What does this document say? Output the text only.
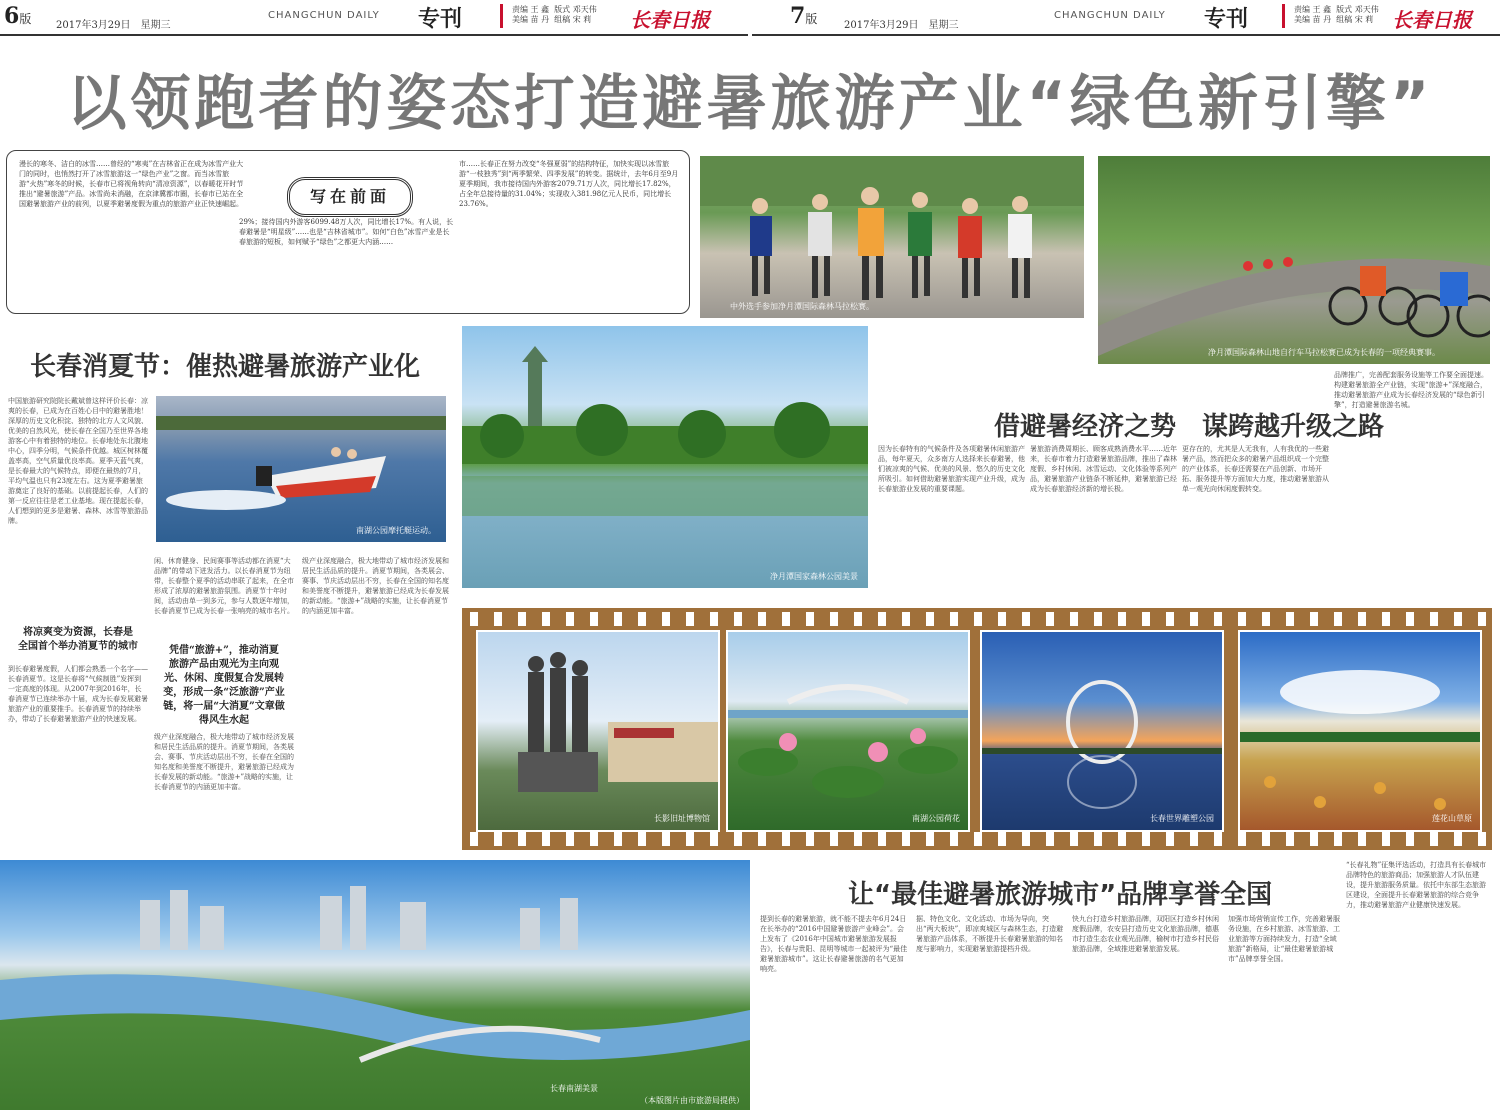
6版 2017年3月29日　星期三
CHANGCHUN DAILY 专刊	责编 王 鑫  版式 邓天伟
美编 苗 丹  组稿 宋 莉 长春日报	7版	2017年3月29日　星期三
CHANGCHUN DAILY 专刊	责编 王 鑫  版式 邓天伟
美编 苗 丹  组稿 宋 莉 长春日报
以领跑者的姿态打造避暑旅游产业“绿色新引擎”
漫长的寒冬、洁白的冰雪……曾经的“寒夷”在吉林省正在成为冰雪产业大门的同时，也悄然打开了冰雪旅游这一“绿色产业”之窗。而当冰雪旅游“火热”寒冬的时候，长春市已将视角转向“清凉资源”，以春暖花开时节推出“避暑旅游”产品。冰雪尚未消融，在京津冀都市圈，长春市已站在全国避暑旅游产业的前列，以夏季避暑度假为重点的旅游产业正快速崛起。	写在前面
29%；接待国内外游客6099.48万人次，同比增长17%。有人说，长春避暑是“明星级”……也是“吉林省城市”。如何“白色”冰雪产业是长春旅游的短板，如何赋予“绿色”之都更大内涵……
市……长春正在努力改变“冬强夏弱”的结构特征，加快实现以冰雪旅游“一枝独秀”到“两季繁荣、四季发展”的转变。据统计，去年6月至9月夏季期间，我市接待国内外游客2079.71万人次，同比增长17.82%，占全年总接待量的31.04%；实现收入381.98亿元人民币，同比增长23.76%。
中外选手参加净月潭国际森林马拉松赛。
净月潭国际森林山地自行车马拉松赛已成为长春的一项经典赛事。
长春消夏节：催热避暑旅游产业化
净月潭国家森林公园美景
南湖公园摩托艇运动。
中国旅游研究院院长戴斌曾这样评价长春：凉爽的长春，已成为在百姓心目中的避暑胜地！深厚的历史文化积淀、独特的北方人文风貌、优美的自然风光，使长春在全国乃至世界各地游客心中有着独特的地位。长春地处东北腹地中心，四季分明，气候条件优越。城区树林覆盖率高，空气质量优良率高。夏季天蓝气爽，是长春最大的气候特点，即便在最热的7月，平均气温也只有23度左右。这为夏季避暑旅游奠定了良好的基础。以前提起长春，人们的第一反应往往是老工业基地。现在提起长春，人们想到的更多是避暑、森林、冰雪等旅游品牌。
将凉爽变为资源，长春是
全国首个举办消夏节的城市
到长春避暑度假，人们都会熟悉一个名字——长春消夏节。这是长春将“气候制胜”发挥到一定高度的体现。从2007年到2016年，长春消夏节已连续举办十届，成为长春发展避暑旅游产业的重要推手。长春消夏节的持续举办，带动了长春避暑旅游产业的快速发展。
闲、休育健身、民间赛事等活动都在消夏“大品牌”的带动下迸发活力。以长春消夏节为纽带，长春整个夏季的活动串联了起来，在全市形成了浓厚的避暑旅游氛围。消夏节十年时间，活动由单一到多元，参与人数逐年增加，长春消夏节已成为长春一张响亮的城市名片。
凭借“旅游+”，推动消夏
旅游产品由观光为主向观
光、休闲、度假复合发展转
变，形成一条“泛旅游”产业
链，将一届“大消夏”文章做
得风生水起
级产业深度融合，极大地带动了城市经济发展和居民生活品质的提升。消夏节期间，各类展会、赛事、节庆活动层出不穷，长春在全国的知名度和美誉度不断提升，避暑旅游已经成为长春发展的新动能。“旅游+”战略的实施，让长春消夏节的内涵更加丰富。
级产业深度融合，极大地带动了城市经济发展和居民生活品质的提升。消夏节期间，各类展会、赛事、节庆活动层出不穷，长春在全国的知名度和美誉度不断提升，避暑旅游已经成为长春发展的新动能。“旅游+”战略的实施，让长春消夏节的内涵更加丰富。
借避暑经济之势　谋跨越升级之路
因为长春特有的气候条件及各项避暑休闲旅游产品，每年夏天，众多南方人选择来长春避暑，他们被凉爽的气候、优美的风景、悠久的历史文化所吸引。如何借助避暑旅游实现产业升级，成为长春旅游业发展的重要课题。
暑旅游消费周期长、顾客成熟消费水平……近年来，长春市着力打造避暑旅游品牌，推出了森林度假、乡村休闲、冰雪运动、文化体验等系列产品，避暑旅游产业链条不断延伸，避暑旅游已经成为长春旅游经济新的增长极。
更存在的，尤其是人无我有，人有我优的一些避暑产品，然而把众多的避暑产品组织成一个完整的产业体系，长春还需要在产品创新、市场开拓、服务提升等方面加大力度，推动避暑旅游从单一观光向休闲度假转变。
品牌推广，完善配套服务设施等工作要全面提速。构建避暑旅游全产业链，实现“旅游+”深度融合，推动避暑旅游产业成为长春经济发展的“绿色新引擎”，打造避暑旅游名城。
长影旧址博物馆	南湖公园荷花	长春世界雕塑公园	莲花山草原
长春南湖美景
（本版图片由市旅游局提供）
让“最佳避暑旅游城市”品牌享誉全国
提到长春的避暑旅游，就不能不提去年6月24日在长举办的“2016中国避暑旅游产业峰会”。会上发布了《2016年中国城市避暑旅游发展报告》，长春与贵阳、昆明等城市一起被评为“最佳避暑旅游城市”。这让长春避暑旅游的名气更加响亮。
据、特色文化、文化活动、市场为导向，突出“两大板块”，即凉爽城区与森林生态，打造避暑旅游产品体系，不断提升长春避暑旅游的知名度与影响力，实现避暑旅游提档升级。
快九台打造乡村旅游品牌，双阳区打造乡村休闲度假品牌，农安县打造历史文化旅游品牌，德惠市打造生态农业观光品牌，榆树市打造乡村民俗旅游品牌，全域推进避暑旅游发展。
加强市场营销宣传工作，完善避暑服务设施，在乡村旅游、冰雪旅游、工业旅游等方面持续发力，打造“全域旅游”新格局，让“最佳避暑旅游城市”品牌享誉全国。
“长春礼物”征集评选活动，打造具有长春城市品牌特色的旅游商品；加强旅游人才队伍建设，提升旅游服务质量。依托中东部生态旅游区建设，全面提升长春避暑旅游的综合竞争力，推动避暑旅游产业健康快速发展。
